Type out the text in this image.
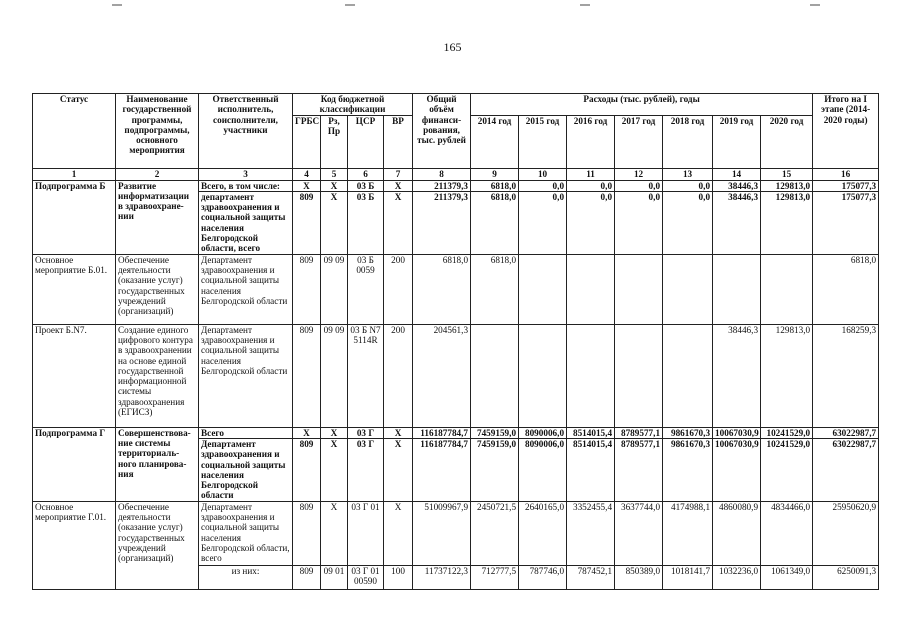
165
Статус	Наименование государственной программы, подпрограммы, основного мероприятия	Ответственный исполнитель, соисполнители, участники	Код бюджетной классификации				Общий объём финанси-рования, тыс. рублей	Расходы (тыс. рублей), годы							Итого на I этапе (2014-2020 годы)
			ГРБС	Рз, Пр	ЦСР	ВР		2014 год	2015 год	2016 год	2017 год	2018 год	2019 год	2020 год	
1	2	3	4	5	6	7	8	9	10	11	12	13	14	15	16
Подпрограмма Б	Развитие информатизации в здравоохране-нии	Всего, в том числе:	X	X	03 Б	X	211379,3	6818,0	0,0	0,0	0,0	0,0	38446,3	129813,0	175077,3
		департамент здравоохранения и социальной защиты населения Белгородской области, всего	809	X	03 Б	X	211379,3	6818,0	0,0	0,0	0,0	0,0	38446,3	129813,0	175077,3
Основное мероприятие Б.01.	Обеспечение деятельности (оказание услуг) государственных учреждений (организаций)	Департамент здравоохранения и социальной защиты населения Белгородской области	809	09 09	03 Б 0059	200	6818,0	6818,0							6818,0
Проект Б.N7.	Создание единого цифрового контура в здравоохранении на основе единой государственной информационной системы здравоохранения (ЕГИСЗ)	Департамент здравоохранения и социальной защиты населения Белгородской области	809	09 09	03 Б N7 5114R	200	204561,3						38446,3	129813,0	168259,3
Подпрограмма Г	Совершенствова-ние системы территориаль-ного планирова-ния	Всего	X	X	03 Г	X	116187784,7	7459159,0	8090006,0	8514015,4	8789577,1	9861670,3	10067030,9	10241529,0	63022987,7
		Департамент здравоохранения и социальной защиты населения Белгородской области	809	X	03 Г	X	116187784,7	7459159,0	8090006,0	8514015,4	8789577,1	9861670,3	10067030,9	10241529,0	63022987,7
Основное мероприятие Г.01.	Обеспечение деятельности (оказание услуг) государственных учреждений (организаций)	Департамент здравоохранения и социальной защиты населения Белгородской области, всего	809	X	03 Г 01	X	51009967,9	2450721,5	2640165,0	3352455,4	3637744,0	4174988,1	4860080,9	4834466,0	25950620,9
		из них:	809	09 01	03 Г 01 00590	100	11737122,3	712777,5	787746,0	787452,1	850389,0	1018141,7	1032236,0	1061349,0	6250091,3
